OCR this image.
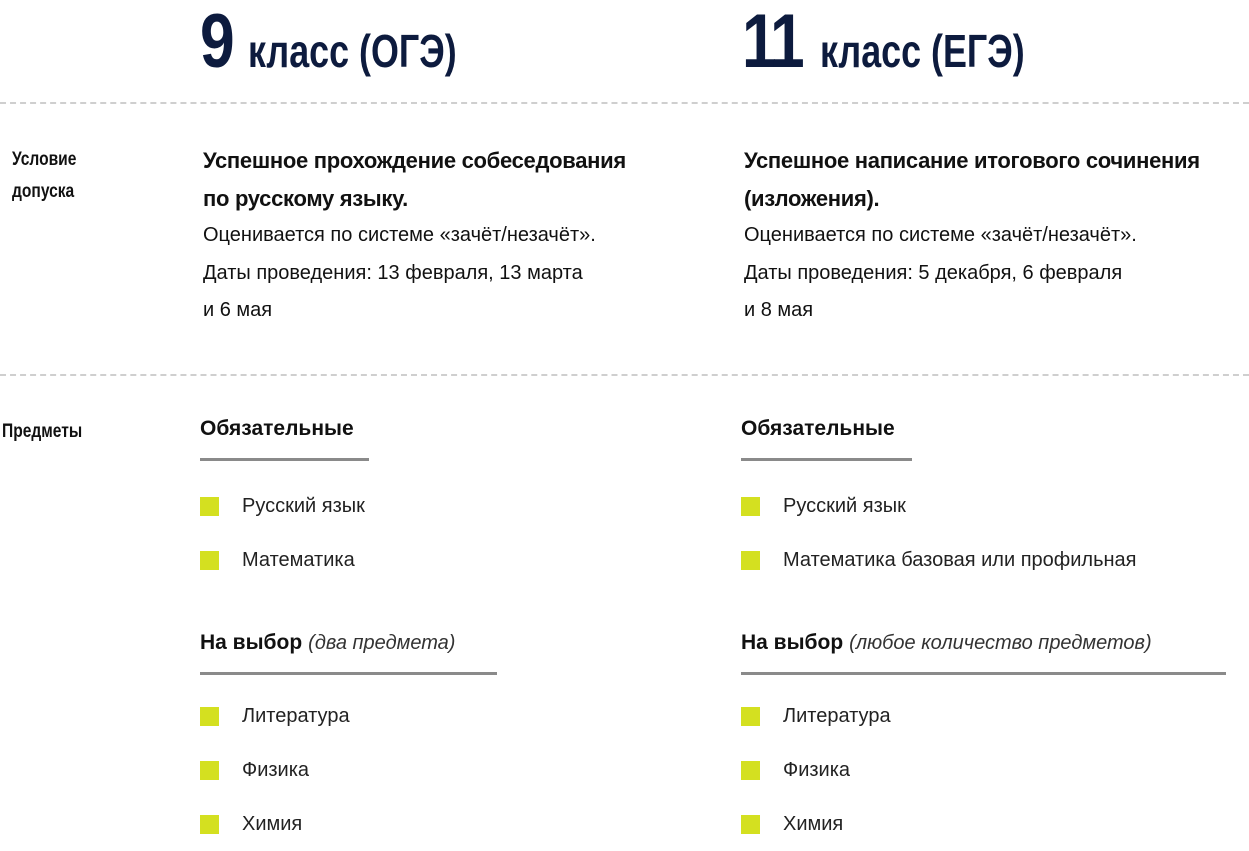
9 класс (ОГЭ)	11 класс (ЕГЭ)
Условие
допуска
Успешное прохождение собеседования
по русскому языку.
Оценивается по системе «зачёт/незачёт».
Даты проведения: 13 февраля, 13 марта
и 6 мая
Успешное написание итогового сочинения
(изложения).
Оценивается по системе «зачёт/незачёт».
Даты проведения: 5 декабря, 6 февраля
и 8 мая
Предметы	Обязательные
Русский язык
Математика
Обязательные
Русский язык
Математика базовая или профильная
На выбор (два предмета)
Литература
Физика
Химия
На выбор (любое количество предметов)
Литература
Физика
Химия
